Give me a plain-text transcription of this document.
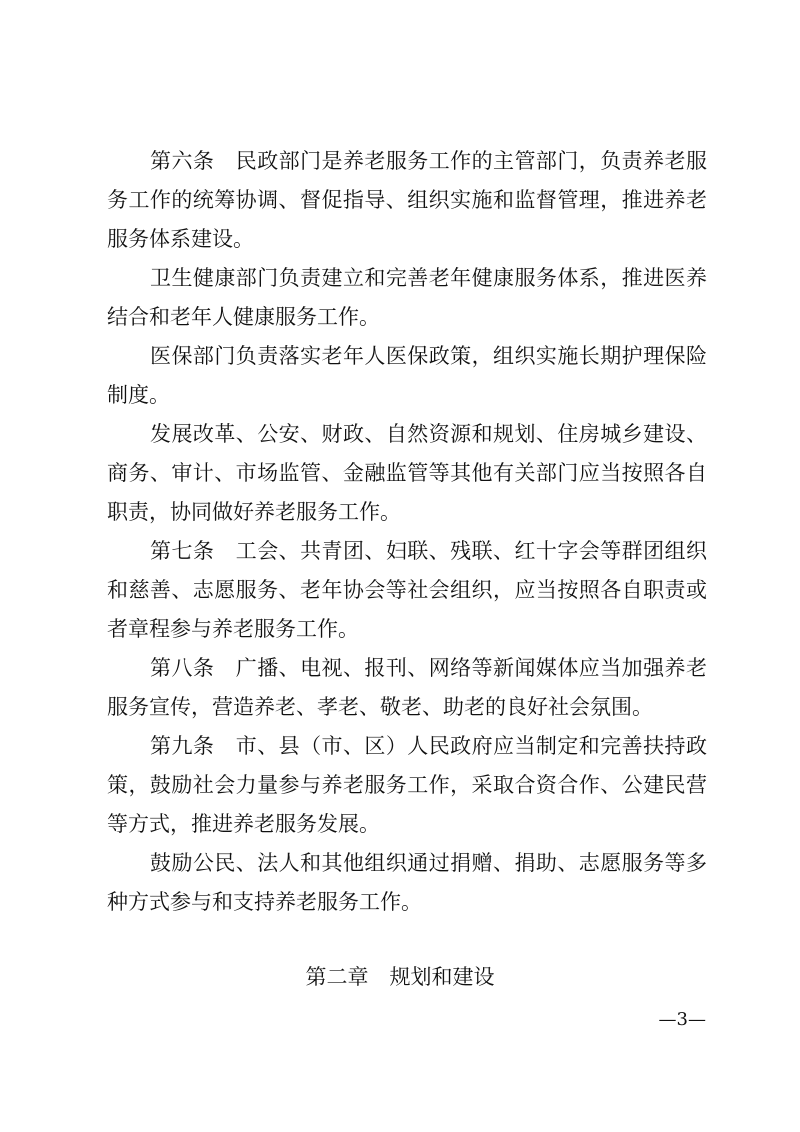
第六条　民政部门是养老服务工作的主管部门，负责养老服
务工作的统筹协调、督促指导、组织实施和监督管理，推进养老
服务体系建设。
卫生健康部门负责建立和完善老年健康服务体系，推进医养
结合和老年人健康服务工作。
医保部门负责落实老年人医保政策，组织实施长期护理保险
制度。
发展改革、公安、财政、自然资源和规划、住房城乡建设、
商务、审计、市场监管、金融监管等其他有关部门应当按照各自
职责，协同做好养老服务工作。
第七条　工会、共青团、妇联、残联、红十字会等群团组织
和慈善、志愿服务、老年协会等社会组织，应当按照各自职责或
者章程参与养老服务工作。
第八条　广播、电视、报刊、网络等新闻媒体应当加强养老
服务宣传，营造养老、孝老、敬老、助老的良好社会氛围。
第九条　市、县（市、区）人民政府应当制定和完善扶持政
策，鼓励社会力量参与养老服务工作，采取合资合作、公建民营
等方式，推进养老服务发展。
鼓励公民、法人和其他组织通过捐赠、捐助、志愿服务等多
种方式参与和支持养老服务工作。
第二章　规划和建设
—3—
